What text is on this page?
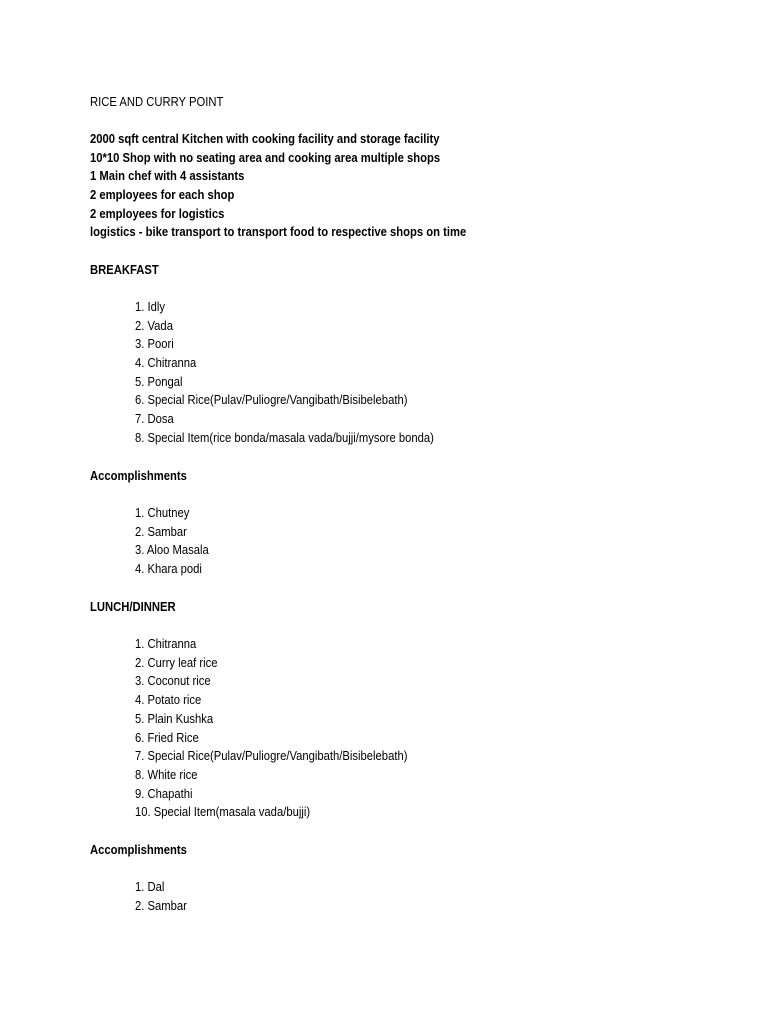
RICE AND CURRY POINT
2000 sqft central Kitchen with cooking facility and storage facility
10*10 Shop with no seating area and cooking area multiple shops
1 Main chef with 4 assistants
2 employees for each shop
2 employees for logistics
logistics - bike transport to transport food to respective shops on time
BREAKFAST
1. Idly
2. Vada
3. Poori
4. Chitranna
5. Pongal
6. Special Rice(Pulav/Puliogre/Vangibath/Bisibelebath)
7. Dosa
8. Special Item(rice bonda/masala vada/bujji/mysore bonda)
Accomplishments
1. Chutney
2. Sambar
3. Aloo Masala
4. Khara podi
LUNCH/DINNER
1. Chitranna
2. Curry leaf rice
3. Coconut rice
4. Potato rice
5. Plain Kushka
6. Fried Rice
7. Special Rice(Pulav/Puliogre/Vangibath/Bisibelebath)
8. White rice
9. Chapathi
10. Special Item(masala vada/bujji)
Accomplishments
1. Dal
2. Sambar
